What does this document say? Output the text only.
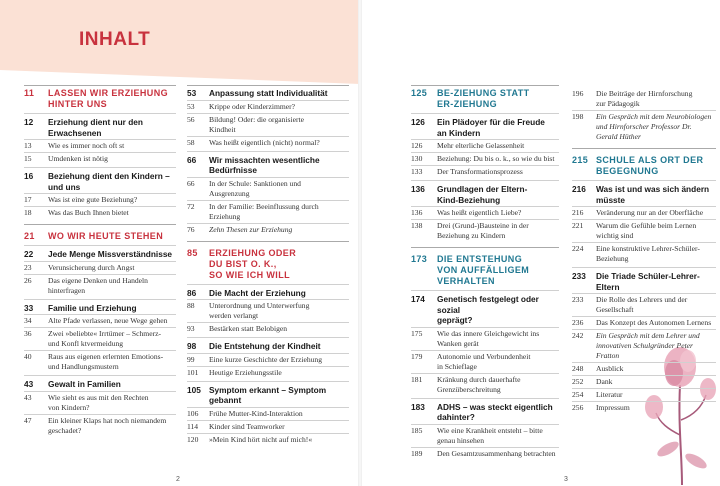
INHALT
2	3
11	LASSEN WIR ERZIEHUNG
HINTER UNS
12	Erziehung dient nur den
Erwachsenen
13	Wie es immer noch oft st
15	Umdenken ist nötig
16	Beziehung dient den Kindern –
und uns
17	Was ist eine gute Beziehung?
18	Was das Buch Ihnen bietet
21	WO WIR HEUTE STEHEN
22	Jede Menge Missverständnisse
23	Verunsicherung durch Angst
26	Das eigene Denken und Handeln
hinterfragen
33	Familie und Erziehung
34	Alte Pfade verlassen, neue Wege gehen
36	Zwei »beliebte« Irrtümer – Schmerz-
und Konfl ktvermeidung
40	Raus aus eigenen erlernten Emotions-
und Handlungsmustern
43	Gewalt in Familien
43	Wie sieht es aus mit den Rechten
von Kindern?
47	Ein kleiner Klaps hat noch niemandem
geschadet?
53	Anpassung statt Individualität
53	Krippe oder Kinderzimmer?
56	Bildung! Oder: die organisierte
Kindheit
58	Was heißt eigentlich (nicht) normal?
66	Wir missachten wesentliche
Bedürfnisse
66	In der Schule: Sanktionen und
Ausgrenzung
72	In der Familie: Beeinflussung durch
Erziehung
76	Zehn Thesen zur Erziehung
85	ERZIEHUNG ODER
DU BIST O. K.,
SO WIE ICH WILL
86	Die Macht der Erziehung
88	Unterordnung und Unterwerfung
werden verlangt
93	Bestärken statt Belobigen
98	Die Entstehung der Kindheit
99	Eine kurze Geschichte der Erziehung
101	Heutige Erziehungsstile
105 Symptom erkannt – Symptom
gebannt
106	Frühe Mutter-Kind-Interaktion
114	Kinder sind Teamworker
120	»Mein Kind hört nicht auf mich!«
125	BE-ZIEHUNG STATT
ER-ZIEHUNG
126	Ein Plädoyer für die Freude
an Kindern
126	Mehr elterliche Gelassenheit
130	Beziehung: Du bis o. k., so wie du bist
133	Der Transformationsprozess
136	Grundlagen der Eltern-
Kind-Beziehung
136	Was heißt eigentlich Liebe?
138	Drei (Grund-)Bausteine in der
Beziehung zu Kindern
173	DIE ENTSTEHUNG
VON AUFFÄLLIGEM
VERHALTEN
174	Genetisch festgelegt oder sozial
geprägt?
175	Wie das innere Gleichgewicht ins
Wanken gerät
179	Autonomie und Verbundenheit
in Schieflage
181	Kränkung durch dauerhafte
Grenzüberschreitung
183	ADHS – was steckt eigentlich
dahinter?
185	Wie eine Krankheit entsteht – bitte
genau hinsehen
189	Den Gesamtzusammenhang betrachten
196	Die Beiträge der Hirnforschung
zur Pädagogik
198	Ein Gespräch mit dem Neurobiologen
und Hirnforscher Professor Dr.
Gerald Hüther
215 SCHULE ALS ORT DER
BEGEGNUNG
216	Was ist und was sich ändern
müsste
216	Veränderung nur an der Oberfläche
221	Warum die Gefühle beim Lernen
wichtig sind
224	Eine konstruktive Lehrer-Schüler-
Beziehung
233	Die Triade Schüler-Lehrer-Eltern
233	Die Rolle des Lehrers und der
Gesellschaft
236	Das Konzept des Autonomen Lernens
242	Ein Gespräch mit dem Lehrer und
innovativen Schulgründer Peter Fratton
248	Ausblick
252	Dank
254	Literatur
256	Impressum
